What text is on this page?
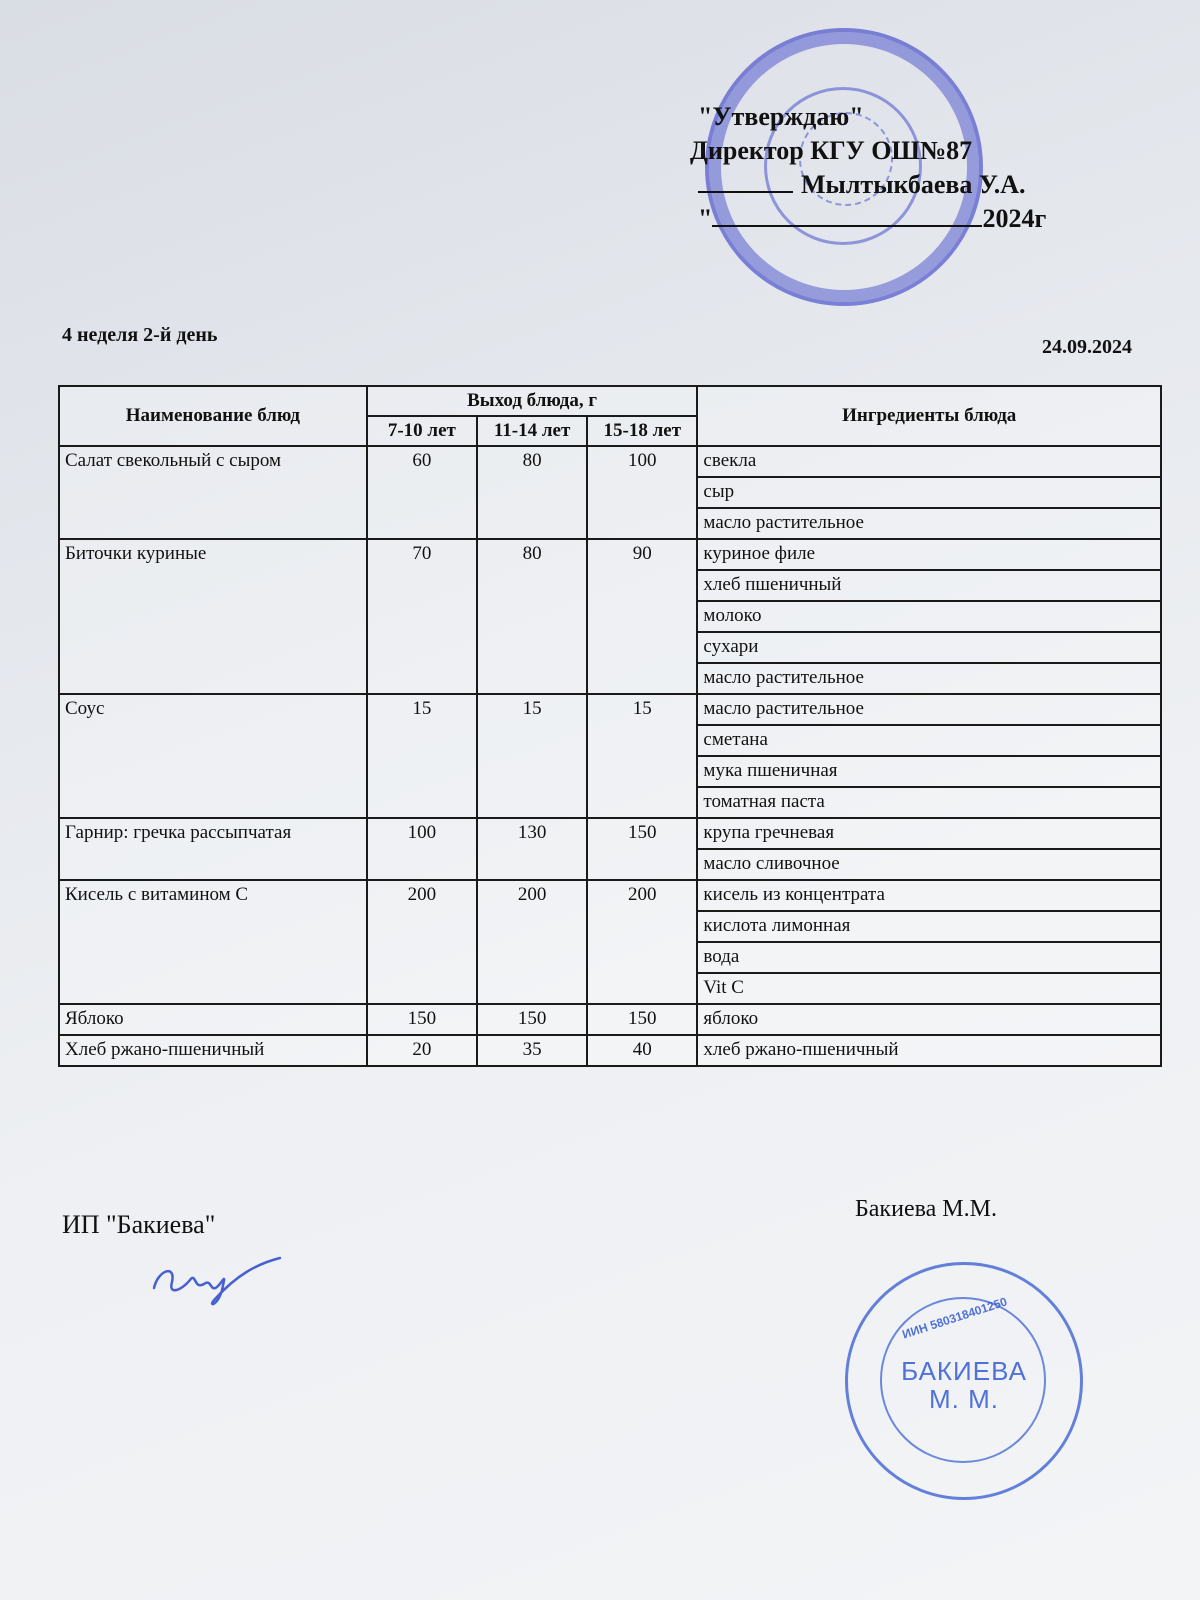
"Утверждаю"
Директор КГУ ОШ№87
Мылтыкбаева У.А.
"	2024г
4 неделя 2-й день
24.09.2024
Наименование блюд	Выход блюда, г			Ингредиенты блюда
	7-10 лет	11-14 лет	15-18 лет	
Салат свекольный с сыром	60	80	100	свекла
				сыр
				масло растительное
Биточки куриные	70	80	90	куриное филе
				хлеб пшеничный
				молоко
				сухари
				масло растительное
Соус	15	15	15	масло растительное
				сметана
				мука пшеничная
				томатная паста
Гарнир: гречка рассыпчатая	100	130	150	крупа гречневая
				масло сливочное
Кисель с витамином С	200	200	200	кисель из концентрата
				кислота лимонная
				вода
				Vit C
Яблоко	150	150	150	яблоко
Хлеб ржано-пшеничный	20	35	40	хлеб ржано-пшеничный
ИП "Бакиева"
Бакиева М.М.
ИИН 580318401250
БАКИЕВА
М. М.
